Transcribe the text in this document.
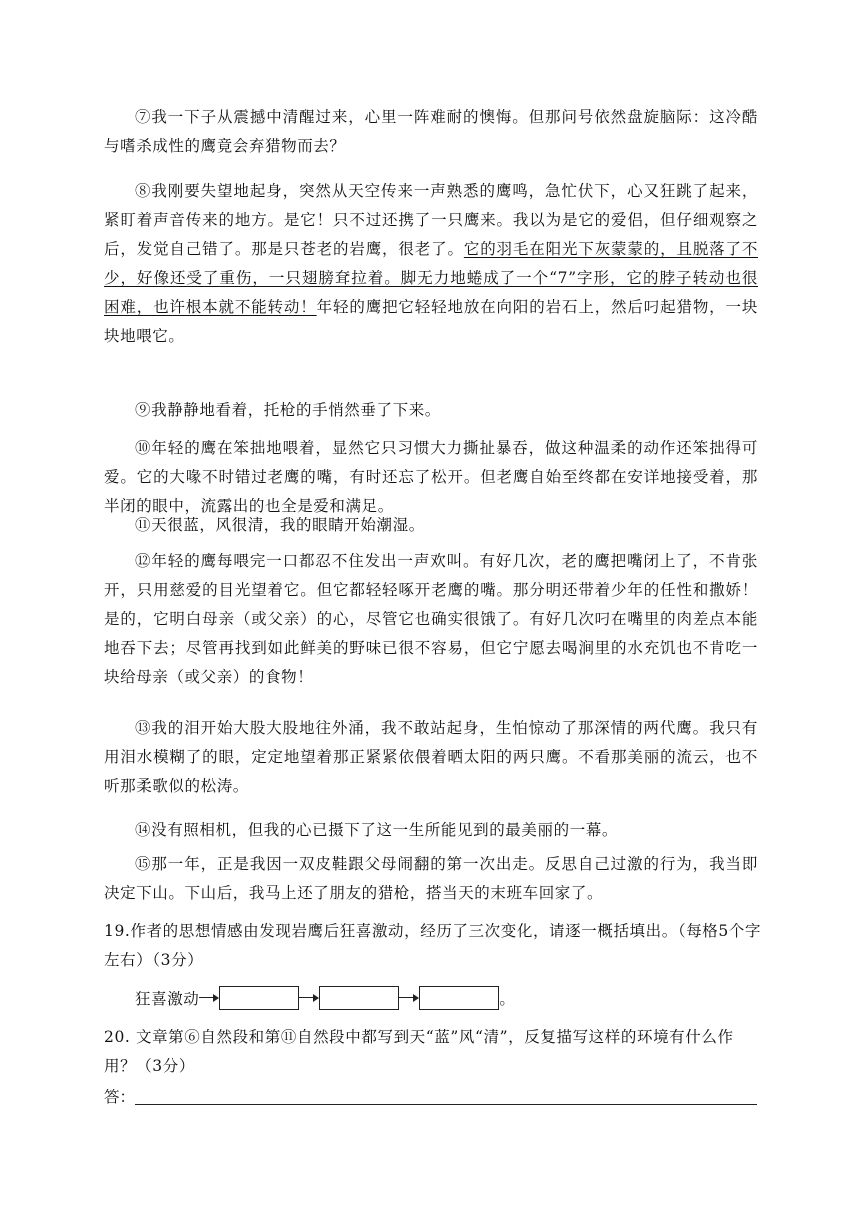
⑦我一下子从震撼中清醒过来，心里一阵难耐的懊悔。但那问号依然盘旋脑际：这冷酷与嗜杀成性的鹰竟会弃猎物而去？

⑧我刚要失望地起身，突然从天空传来一声熟悉的鹰鸣，急忙伏下，心又狂跳了起来，紧盯着声音传来的地方。是它！只不过还携了一只鹰来。我以为是它的爱侣，但仔细观察之后，发觉自己错了。那是只苍老的岩鹰，很老了。它的羽毛在阳光下灰蒙蒙的，且脱落了不少，好像还受了重伤，一只翅膀耷拉着。脚无力地蜷成了一个“7”字形，它的脖子转动也很困难，也许根本就不能转动！年轻的鹰把它轻轻地放在向阳的岩石上，然后叼起猎物，一块块地喂它。

⑨我静静地看着，托枪的手悄然垂了下来。

⑩年轻的鹰在笨拙地喂着，显然它只习惯大力撕扯暴吞，做这种温柔的动作还笨拙得可爱。它的大喙不时错过老鹰的嘴，有时还忘了松开。但老鹰自始至终都在安详地接受着，那半闭的眼中，流露出的也全是爱和满足。

⑪天很蓝，风很清，我的眼睛开始潮湿。

⑫年轻的鹰每喂完一口都忍不住发出一声欢叫。有好几次，老的鹰把嘴闭上了，不肯张开，只用慈爱的目光望着它。但它都轻轻啄开老鹰的嘴。那分明还带着少年的任性和撒娇！是的，它明白母亲（或父亲）的心，尽管它也确实很饿了。有好几次叼在嘴里的肉差点本能地吞下去；尽管再找到如此鲜美的野味已很不容易，但它宁愿去喝涧里的水充饥也不肯吃一块给母亲（或父亲）的食物！

⑬我的泪开始大股大股地往外涌，我不敢站起身，生怕惊动了那深情的两代鹰。我只有用泪水模糊了的眼，定定地望着那正紧紧依偎着晒太阳的两只鹰。不看那美丽的流云，也不听那柔歌似的松涛。

⑭没有照相机，但我的心已摄下了这一生所能见到的最美丽的一幕。

⑮那一年，正是我因一双皮鞋跟父母闹翻的第一次出走。反思自己过激的行为，我当即决定下山。下山后，我马上还了朋友的猎枪，搭当天的末班车回家了。

19.作者的思想情感由发现岩鹰后狂喜激动，经历了三次变化，请逐一概括填出。（每格5个字左右）（3分）

狂喜激动	。

20. 文章第⑥自然段和第⑪自然段中都写到天“蓝”风“清”，反复描写这样的环境有什么作用？（3分）

答：
